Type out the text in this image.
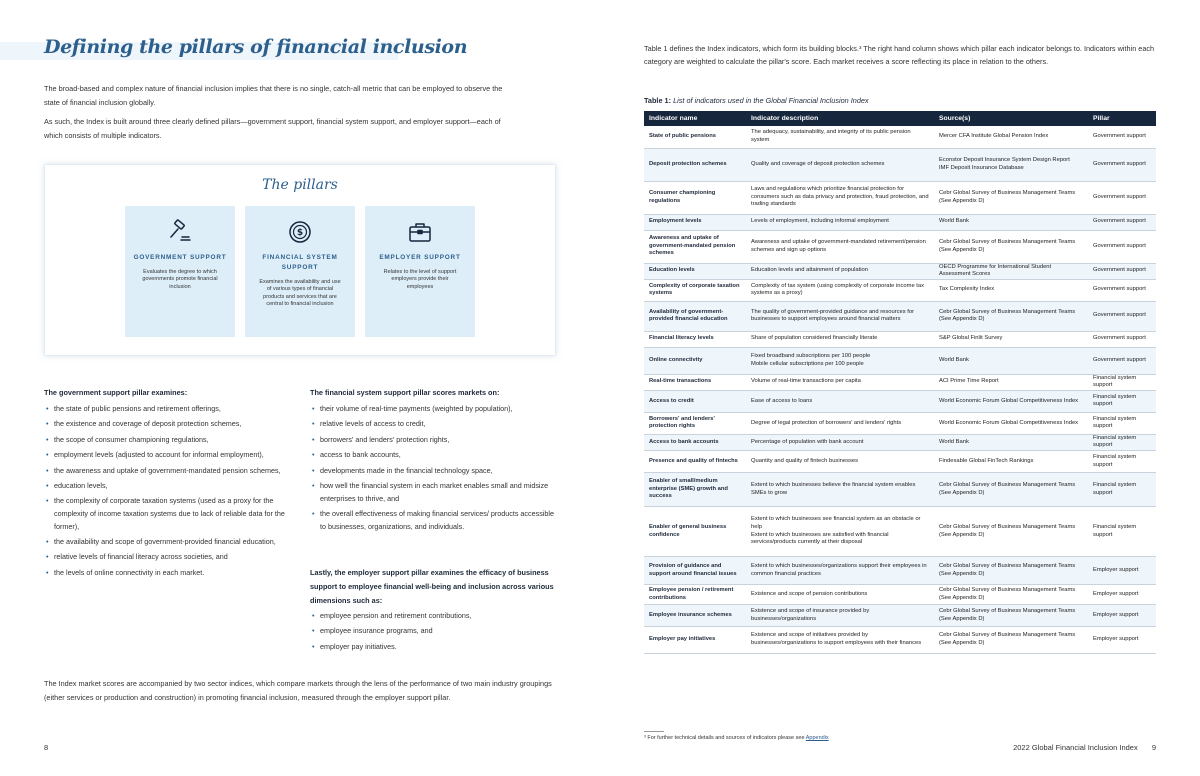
Defining the pillars of financial inclusion

The broad-based and complex nature of financial inclusion implies that there is no single, catch-all metric that can be employed to observe the state of financial inclusion globally.

As such, the Index is built around three clearly defined pillars—government support, financial system support, and employer support—each of which consists of multiple indicators.

The pillars
GOVERNMENT SUPPORT
Evaluates the degree to which governments promote financial inclusion
$
FINANCIAL SYSTEM SUPPORT
Examines the availability and use of various types of financial products and services that are central to financial inclusion
EMPLOYER SUPPORT
Relates to the level of support employers provide their employees
The government support pillar examines:
• the state of public pensions and retirement offerings,
• the existence and coverage of deposit protection schemes,
• the scope of consumer championing regulations,
• employment levels (adjusted to account for informal employment),
• the awareness and uptake of government-mandated pension schemes,
• education levels,
• the complexity of corporate taxation systems (used as a proxy for the complexity of income taxation systems due to lack of reliable data for the former),
• the availability and scope of government-provided financial education,
• relative levels of financial literacy across societies, and
• the levels of online connectivity in each market.
The financial system support pillar scores markets on:
• their volume of real-time payments (weighted by population),
• relative levels of access to credit,
• borrowers' and lenders' protection rights,
• access to bank accounts,
• developments made in the financial technology space,
• how well the financial system in each market enables small and midsize enterprises to thrive, and
• the overall effectiveness of making financial services/ products accessible to businesses, organizations, and individuals.
Lastly, the employer support pillar examines the efficacy of business support to employee financial well-being and inclusion across various dimensions such as:
• employee pension and retirement contributions,
• employee insurance programs, and
• employer pay initiatives.

The Index market scores are accompanied by two sector indices, which compare markets through the lens of the performance of two main industry groupings (either services or production and construction) in promoting financial inclusion, measured through the employer support pillar.

8

Table 1 defines the Index indicators, which form its building blocks.³ The right hand column shows which pillar each indicator belongs to. Indicators within each category are weighted to calculate the pillar's score. Each market receives a score reflecting its place in relation to the others.

Table 1: List of indicators used in the Global Financial Inclusion Index
Indicator name	Indicator description	Source(s)	Pillar
State of public pensions	The adequacy, sustainability, and integrity of its public pension system	Mercer CFA Institute Global Pension Index	Government support
Deposit protection schemes	Quality and coverage of deposit protection schemes	Econstor Deposit Insurance System Design Report
IMF Deposit Insurance Database	Government support
Consumer championing regulations	Laws and regulations which prioritize financial protection for consumers such as data privacy and protection, fraud protection, and trading standards	Cebr Global Survey of Business Management Teams (See Appendix D)	Government support
Employment levels	Levels of employment, including informal employment	World Bank	Government support
Awareness and uptake of government-mandated pension schemes	Awareness and uptake of government-mandated retirement/pension schemes and sign up options	Cebr Global Survey of Business Management Teams (See Appendix D)	Government support
Education levels	Education levels and attainment of population	OECD Programme for International Student Assessment Scores	Government support
Complexity of corporate taxation systems	Complexity of tax system (using complexity of corporate income tax systems as a proxy)	Tax Complexity Index	Government support
Availability of government-provided financial education	The quality of government-provided guidance and resources for businesses to support employees around financial matters	Cebr Global Survey of Business Management Teams (See Appendix D)	Government support
Financial literacy levels	Share of population considered financially literate	S&P Global Finlit Survey	Government support
Online connectivity	Fixed broadband subscriptions per 100 people
Mobile cellular subscriptions per 100 people	World Bank	Government support
Real-time transactions	Volume of real-time transactions per capita	ACI Prime Time Report	Financial system support
Access to credit	Ease of access to loans	World Economic Forum Global Competitiveness Index	Financial system support
Borrowers' and lenders' protection rights	Degree of legal protection of borrowers' and lenders' rights	World Economic Forum Global Competitiveness Index	Financial system support
Access to bank accounts	Percentage of population with bank account	World Bank	Financial system support
Presence and quality of fintechs	Quantity and quality of fintech businesses	Findexable Global FinTech Rankings	Financial system support
Enabler of small/medium enterprise (SME) growth and success	Extent to which businesses believe the financial system enables SMEs to grow	Cebr Global Survey of Business Management Teams (See Appendix D)	Financial system support
Enabler of general business confidence	Extent to which businesses see financial system as an obstacle or help
Extent to which businesses are satisfied with financial services/products currently at their disposal	Cebr Global Survey of Business Management Teams (See Appendix D)	Financial system support
Provision of guidance and support around financial issues	Extent to which businesses/organizations support their employees in common financial practices	Cebr Global Survey of Business Management Teams (See Appendix D)	Employer support
Employee pension / retirement contributions	Existence and scope of pension contributions	Cebr Global Survey of Business Management Teams (See Appendix D)	Employer support
Employee insurance schemes	Existence and scope of insurance provided by businesses/organizations	Cebr Global Survey of Business Management Teams (See Appendix D)	Employer support
Employer pay initiatives	Existence and scope of initiatives provided by businesses/organizations to support employees with their finances	Cebr Global Survey of Business Management Teams (See Appendix D)	Employer support
³ For further technical details and sources of indicators please see Appendix
2022 Global Financial Inclusion Index 9
